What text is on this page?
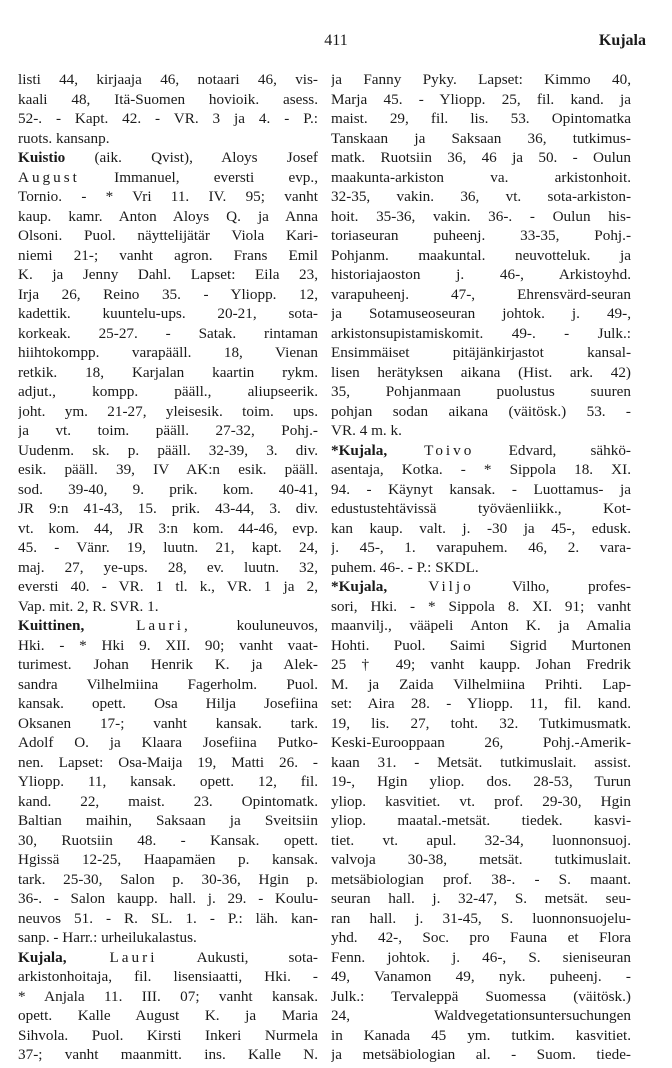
411	Kujala
listi 44, kirjaaja 46, notaari 46, vis-
kaali 48, Itä-Suomen hovioik. asess.
52-. - Kapt. 42. - VR. 3 ja 4. - P.:
ruots. kansanp.
Kuistio (aik. Qvist), Aloys Josef
August Immanuel, eversti evp.,
Tornio. - * Vri 11. IV. 95; vanht
kaup. kamr. Anton Aloys Q. ja Anna
Olsoni. Puol. näyttelijätär Viola Kari-
niemi 21-; vanht agron. Frans Emil
K. ja Jenny Dahl. Lapset: Eila 23,
Irja 26, Reino 35. - Yliopp. 12,
kadettik. kuuntelu-ups. 20-21, sota-
korkeak. 25-27. - Satak. rintaman
hiihtokompp. varapääll. 18, Vienan
retkik. 18, Karjalan kaartin rykm.
adjut., kompp. pääll., aliupseerik.
joht. ym. 21-27, yleisesik. toim. ups.
ja vt. toim. pääll. 27-32, Pohj.-
Uudenm. sk. p. pääll. 32-39, 3. div.
esik. pääll. 39, IV AK:n esik. pääll.
sod. 39-40, 9. prik. kom. 40-41,
JR 9:n 41-43, 15. prik. 43-44, 3. div.
vt. kom. 44, JR 3:n kom. 44-46, evp.
45. - Vänr. 19, luutn. 21, kapt. 24,
maj. 27, ye-ups. 28, ev. luutn. 32,
eversti 40. - VR. 1 tl. k., VR. 1 ja 2,
Vap. mit. 2, R. SVR. 1.
Kuittinen, Lauri, kouluneuvos,
Hki. - * Hki 9. XII. 90; vanht vaat-
turimest. Johan Henrik K. ja Alek-
sandra Vilhelmiina Fagerholm. Puol.
kansak. opett. Osa Hilja Josefiina
Oksanen 17-; vanht kansak. tark.
Adolf O. ja Klaara Josefiina Putko-
nen. Lapset: Osa-Maija 19, Matti 26. -
Yliopp. 11, kansak. opett. 12, fil.
kand. 22, maist. 23. Opintomatk.
Baltian maihin, Saksaan ja Sveitsiin
30, Ruotsiin 48. - Kansak. opett.
Hgissä 12-25, Haapamäen p. kansak.
tark. 25-30, Salon p. 30-36, Hgin p.
36-. - Salon kaupp. hall. j. 29. - Koulu-
neuvos 51. - R. SL. 1. - P.: läh. kan-
sanp. - Harr.: urheilukalastus.
Kujala, Lauri Aukusti, sota-
arkistonhoitaja, fil. lisensiaatti, Hki. -
* Anjala 11. III. 07; vanht kansak.
opett. Kalle August K. ja Maria
Sihvola. Puol. Kirsti Inkeri Nurmela
37-; vanht maanmitt. ins. Kalle N.
ja Fanny Pyky. Lapset: Kimmo 40,
Marja 45. - Yliopp. 25, fil. kand. ja
maist. 29, fil. lis. 53. Opintomatka
Tanskaan ja Saksaan 36, tutkimus-
matk. Ruotsiin 36, 46 ja 50. - Oulun
maakunta-arkiston va. arkistonhoit.
32-35, vakin. 36, vt. sota-arkiston-
hoit. 35-36, vakin. 36-. - Oulun his-
toriaseuran puheenj. 33-35, Pohj.-
Pohjanm. maakuntal. neuvotteluk. ja
historiajaoston j. 46-, Arkistoyhd.
varapuheenj. 47-, Ehrensvärd-seuran
ja Sotamuseoseuran johtok. j. 49-,
arkistonsupistamiskomit. 49-. - Julk.:
Ensimmäiset pitäjänkirjastot kansal-
lisen herätyksen aikana (Hist. ark. 42)
35, Pohjanmaan puolustus suuren
pohjan sodan aikana (väitösk.) 53. -
VR. 4 m. k.
*Kujala, Toivo Edvard, sähkö-
asentaja, Kotka. - * Sippola 18. XI.
94. - Käynyt kansak. - Luottamus- ja
edustustehtävissä työväenliikk., Kot-
kan kaup. valt. j. -30 ja 45-, edusk.
j. 45-, 1. varapuhem. 46, 2. vara-
puhem. 46-. - P.: SKDL.
*Kujala, Viljo Vilho, profes-
sori, Hki. - * Sippola 8. XI. 91; vanht
maanvilj., vääpeli Anton K. ja Amalia
Hohti. Puol. Saimi Sigrid Murtonen
25 † 49; vanht kaupp. Johan Fredrik
M. ja Zaida Vilhelmiina Prihti. Lap-
set: Aira 28. - Yliopp. 11, fil. kand.
19, lis. 27, toht. 32. Tutkimusmatk.
Keski-Eurooppaan 26, Pohj.-Amerik-
kaan 31. - Metsät. tutkimuslait. assist.
19-, Hgin yliop. dos. 28-53, Turun
yliop. kasvitiet. vt. prof. 29-30, Hgin
yliop. maatal.-metsät. tiedek. kasvi-
tiet. vt. apul. 32-34, luonnonsuoj.
valvoja 30-38, metsät. tutkimuslait.
metsäbiologian prof. 38-. - S. maant.
seuran hall. j. 32-47, S. metsät. seu-
ran hall. j. 31-45, S. luonnonsuojelu-
yhd. 42-, Soc. pro Fauna et Flora
Fenn. johtok. j. 46-, S. sieniseuran
49, Vanamon 49, nyk. puheenj. -
Julk.: Tervaleppä Suomessa (väitösk.)
24, Waldvegetationsuntersuchungen
in Kanada 45 ym. tutkim. kasvitiet.
ja metsäbiologian al. - Suom. tiede-
